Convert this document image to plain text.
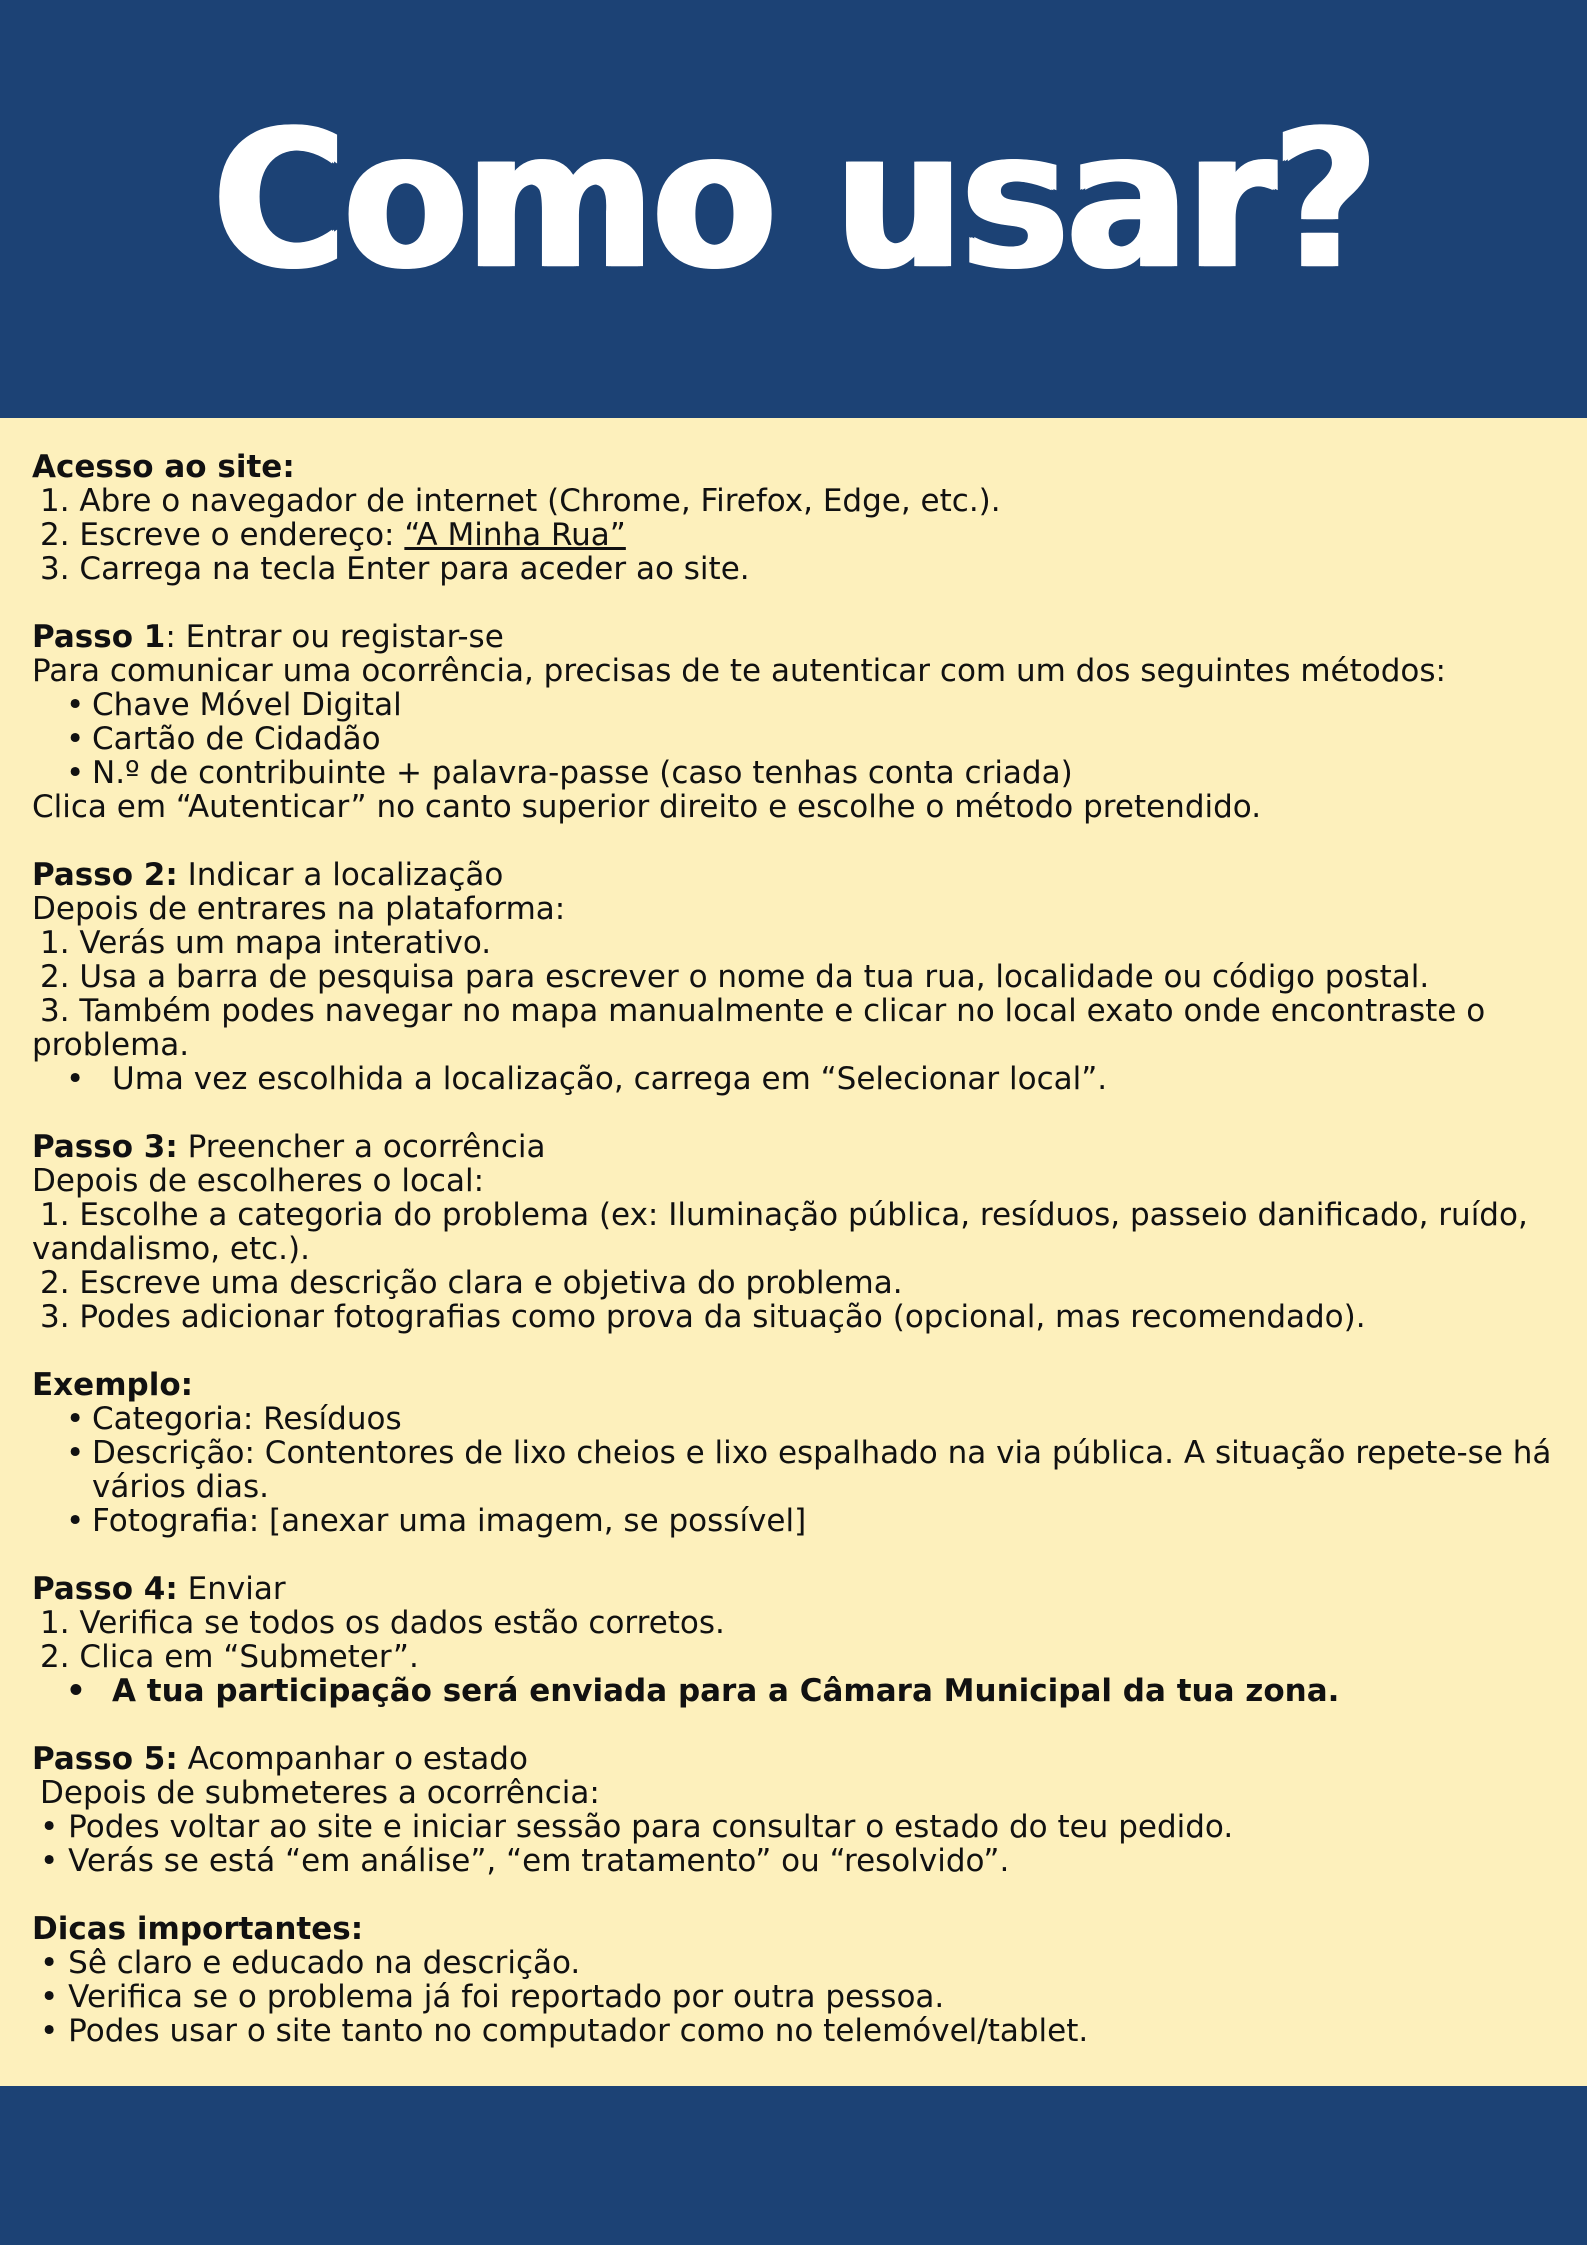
Como usar?
Acesso ao site:
1. Abre o navegador de internet (Chrome, Firefox, Edge, etc.).
2. Escreve o endereço: “A Minha Rua”
3. Carrega na tecla Enter para aceder ao site.
Passo 1: Entrar ou registar-se
Para comunicar uma ocorrência, precisas de te autenticar com um dos seguintes métodos:
• Chave Móvel Digital
• Cartão de Cidadão
• N.º de contribuinte + palavra-passe (caso tenhas conta criada)
Clica em “Autenticar” no canto superior direito e escolhe o método pretendido.
Passo 2: Indicar a localização
Depois de entrares na plataforma:
1. Verás um mapa interativo.
2. Usa a barra de pesquisa para escrever o nome da tua rua, localidade ou código postal.
3. Também podes navegar no mapa manualmente e clicar no local exato onde encontraste o
problema.
• Uma vez escolhida a localização, carrega em “Selecionar local”.
Passo 3: Preencher a ocorrência
Depois de escolheres o local:
1. Escolhe a categoria do problema (ex: Iluminação pública, resíduos, passeio danificado, ruído,
vandalismo, etc.).
2. Escreve uma descrição clara e objetiva do problema.
3. Podes adicionar fotografias como prova da situação (opcional, mas recomendado).
Exemplo:
• Categoria: Resíduos
• Descrição: Contentores de lixo cheios e lixo espalhado na via pública. A situação repete-se há
vários dias.
• Fotografia: [anexar uma imagem, se possível]
Passo 4: Enviar
1. Verifica se todos os dados estão corretos.
2. Clica em “Submeter”.
• A tua participação será enviada para a Câmara Municipal da tua zona.
Passo 5: Acompanhar o estado
Depois de submeteres a ocorrência:
• Podes voltar ao site e iniciar sessão para consultar o estado do teu pedido.
• Verás se está “em análise”, “em tratamento” ou “resolvido”.
Dicas importantes:
• Sê claro e educado na descrição.
• Verifica se o problema já foi reportado por outra pessoa.
• Podes usar o site tanto no computador como no telemóvel/tablet.
